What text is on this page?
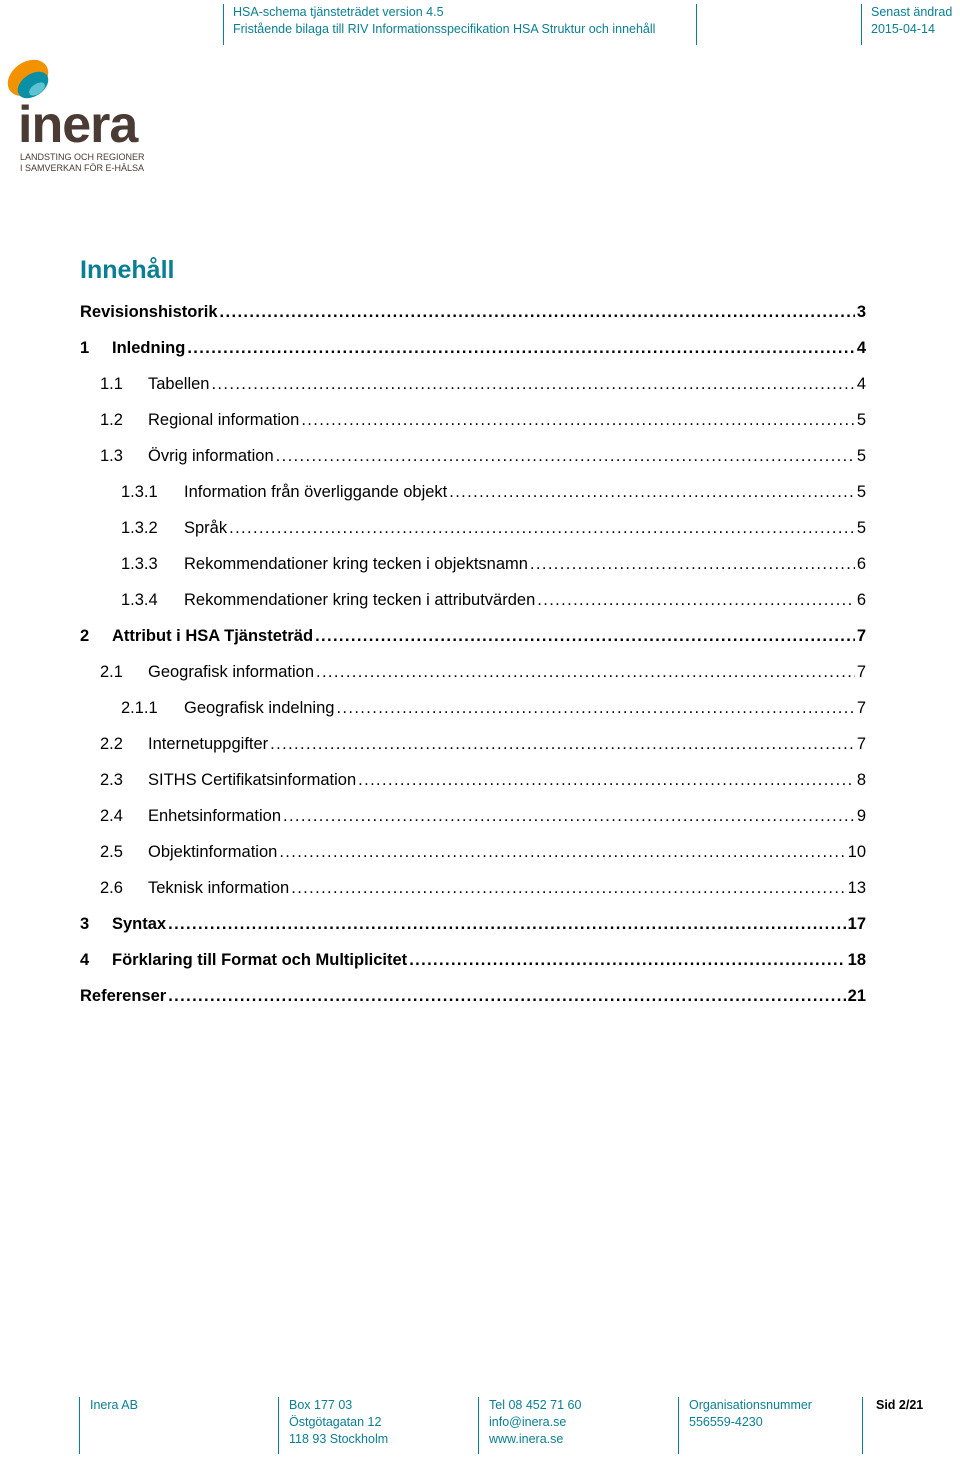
HSA-schema tjänsteträdet version 4.5
Fristående bilaga till RIV Informationsspecifikation HSA Struktur och innehåll
Senast ändrad
2015-04-14
inera
LANDSTING OCH REGIONER
I SAMVERKAN FÖR E-HÄLSA
Innehåll
Revisionshistorik . . .	3
1	Inledning . . .	4
1.1	Tabellen . . .	4
1.2	Regional information . . .	5
1.3	Övrig information . . .	5
1.3.1	Information från överliggande objekt . . .	5
1.3.2	Språk . . .	5
1.3.3	Rekommendationer kring tecken i objektsnamn . . .	6
1.3.4	Rekommendationer kring tecken i attributvärden . . .	6
2	Attribut i HSA Tjänsteträd . . .	7
2.1	Geografisk information . . .	7
2.1.1	Geografisk indelning . . .	7
2.2	Internetuppgifter . . .	7
2.3	SITHS Certifikatsinformation . . .	8
2.4	Enhetsinformation . . .	9
2.5	Objektinformation . . .	10
2.6	Teknisk information . . .	13
3	Syntax . . .	17
4	Förklaring till Format och Multiplicitet . . .	18
Referenser . . .	21
Inera AB	Box 177 03
Östgötagatan 12
118 93 Stockholm
Tel 08 452 71 60
info@inera.se
www.inera.se
Organisationsnummer
556559-4230
Sid 2/21
